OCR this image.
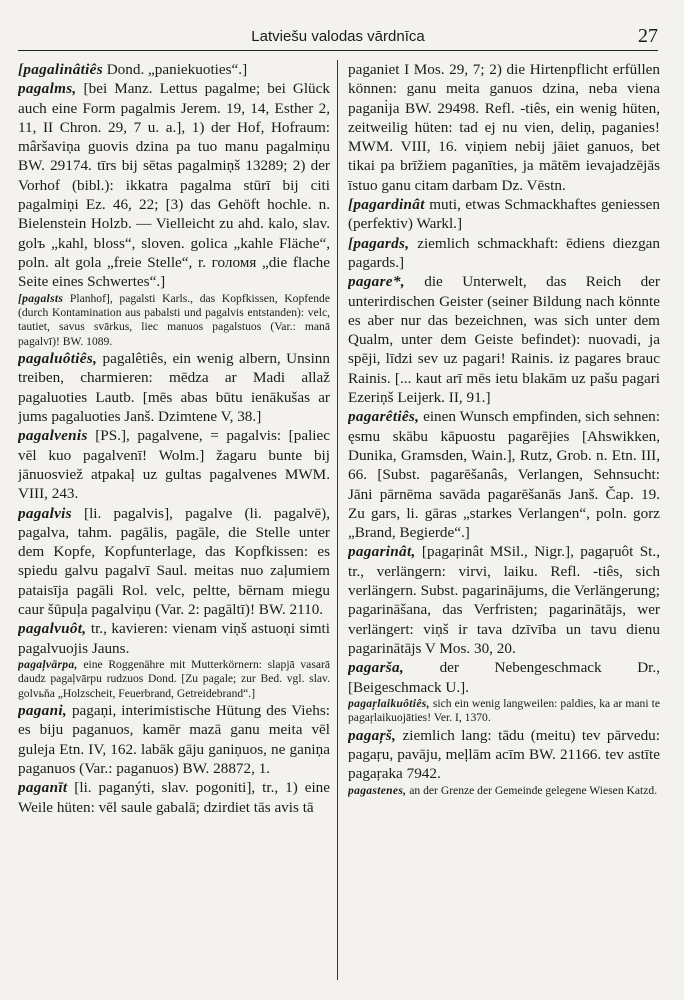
Latviešu valodas vārdnīca	27

[pagalinâtiês Dond. „paniekuoties“.]

pagalms, [bei Manz. Lettus pagalme; bei Glück auch eine Form pagalmis Jerem. 19, 14, Esther 2, 11, II Chron. 29, 7 u. a.], 1) der Hof, Hofraum: mâršaviņa guovis dzina pa tuo manu pagalmiņu BW. 29174. tīrs bij sētas pagalmiņš 13289; 2) der Vorhof (bibl.): ikkatra pagalma stūrī bij citi pagalmiņi Ez. 46, 22; [3) das Gehöft hochle. n. Bielenstein Holzb. — Vielleicht zu ahd. kalo, slav. golъ „kahl, bloss“, sloven. golica „kahle Fläche“, poln. alt gola „freie Stelle“, r. голомя „die flache Seite eines Schwertes“.]

[pagalsts Planhof], pagalsti Karls., das Kopfkissen, Kopfende (durch Kontamination aus pabalsti und pagalvis entstanden): velc, tautiet, savus svārkus, liec manuos pagalstuos (Var.: manā pagalvī)! BW. 1089.

pagaluôtiês, pagalêtiês, ein wenig albern, Unsinn treiben, charmieren: mēdza ar Madi allaž pagaluoties Lautb. [mēs abas būtu ienākušas ar jums pagaluoties Janš. Dzimtene V, 38.]

pagalvenis [PS.], pagalvene, = pagalvis: [paliec vēl kuo pagalvenī! Wolm.] žagaru bunte bij jānuosviež atpakaļ uz gultas pagalvenes MWM. VIII, 243.

pagalvis [li. pagalvis], pagalve (li. pagalvē), pagalva, tahm. pagālis, pagāle, die Stelle unter dem Kopfe, Kopfunterlage, das Kopfkissen: es spiedu galvu pagalvī Saul. meitas nuo zaļumiem pataisīja pagāli Rol. velc, peltte, bērnam miegu caur šūpuļa pagalviņu (Var. 2: pagāltī)! BW. 2110.

pagalvuôt, tr., kavieren: vienam viņš astuoņi simti pagalvuojis Jauns.

pagaļvārpa, eine Roggenähre mit Mutterkörnern: slapjā vasarā daudz pagaļvārpu rudzuos Dond. [Zu pagale; zur Bed. vgl. slav. golvьňa „Holzscheit, Feuerbrand, Getreidebrand“.]

pagani, pagaņi, interimistische Hütung des Viehs: es biju paganuos, kamēr mazā ganu meita vēl guleja Etn. IV, 162. labāk gāju ganiņuos, ne ganiņa paganuos (Var.: paganuos) BW. 28872, 1.

paganīt [li. paganýti, slav. pogoniti], tr., 1) eine Weile hüten: vēl saule gabalā; dzirdiet tās avis tā

paganiet I Mos. 29, 7; 2) die Hirtenpflicht erfüllen können: ganu meita ganuos dzina, neba viena pagani̇ja BW. 29498. Refl. -tiês, ein wenig hüten, zeitweilig hüten: tad ej nu vien, deliņ, paganies! MWM. VIII, 16. viņiem nebij jāiet ganuos, bet tikai pa brīžiem paganīties, ja mātēm ievajadzējās īstuo ganu citam darbam Dz. Vēstn.

[pagardinât muti, etwas Schmackhaftes geniessen (perfektiv) Warkl.]

[pagards, ziemlich schmackhaft: ēdiens diezgan pagards.]

pagare*, die Unterwelt, das Reich der unterirdischen Geister (seiner Bildung nach könnte es aber nur das bezeichnen, was sich unter dem Qualm, unter dem Geiste befindet): nuovadi, ja spēji, līdzi sev uz pagari! Rainis. iz pagares brauc Rainis. [... kaut arī mēs ietu blakām uz pašu pagari Ezeriņš Leijerk. II, 91.]

pagarêtiês, einen Wunsch empfinden, sich sehnen: ęsmu skābu kāpuostu pagarējies [Ahswikken, Dunika, Gramsden, Wain.], Rutz, Grob. n. Etn. III, 66. [Subst. pagarēšanâs, Verlangen, Sehnsucht: Jāni pārnēma savāda pagarēšanās Janš. Čap. 19. Zu gars, li. gāras „starkes Verlangen“, poln. gorz „Brand, Begierde“.]

pagarinât, [pagaŗinât MSil., Nigr.], pagaŗuôt St., tr., verlängern: virvi, laiku. Refl. -tiês, sich verlängern. Subst. pagarinājums, die Verlängerung; pagarināšana, das Verfristen; pagarinātājs, wer verlängert: viņš ir tava dzīvība un tavu dienu pagarinātājs V Mos. 30, 20.

pagarša, der Nebengeschmack Dr., [Beigeschmack U.].

pagaŗlaikuôtiês, sich ein wenig langweilen: paldies, ka ar mani te pagaŗlaikuojāties! Ver. I, 1370.

pagaŗš, ziemlich lang: tādu (meitu) tev pārvedu: pagaŗu, pavāju, meļlām acīm BW. 21166. tev astīte pagaŗaka 7942.

pagastenes, an der Grenze der Gemeinde gelegene Wiesen Katzd.
